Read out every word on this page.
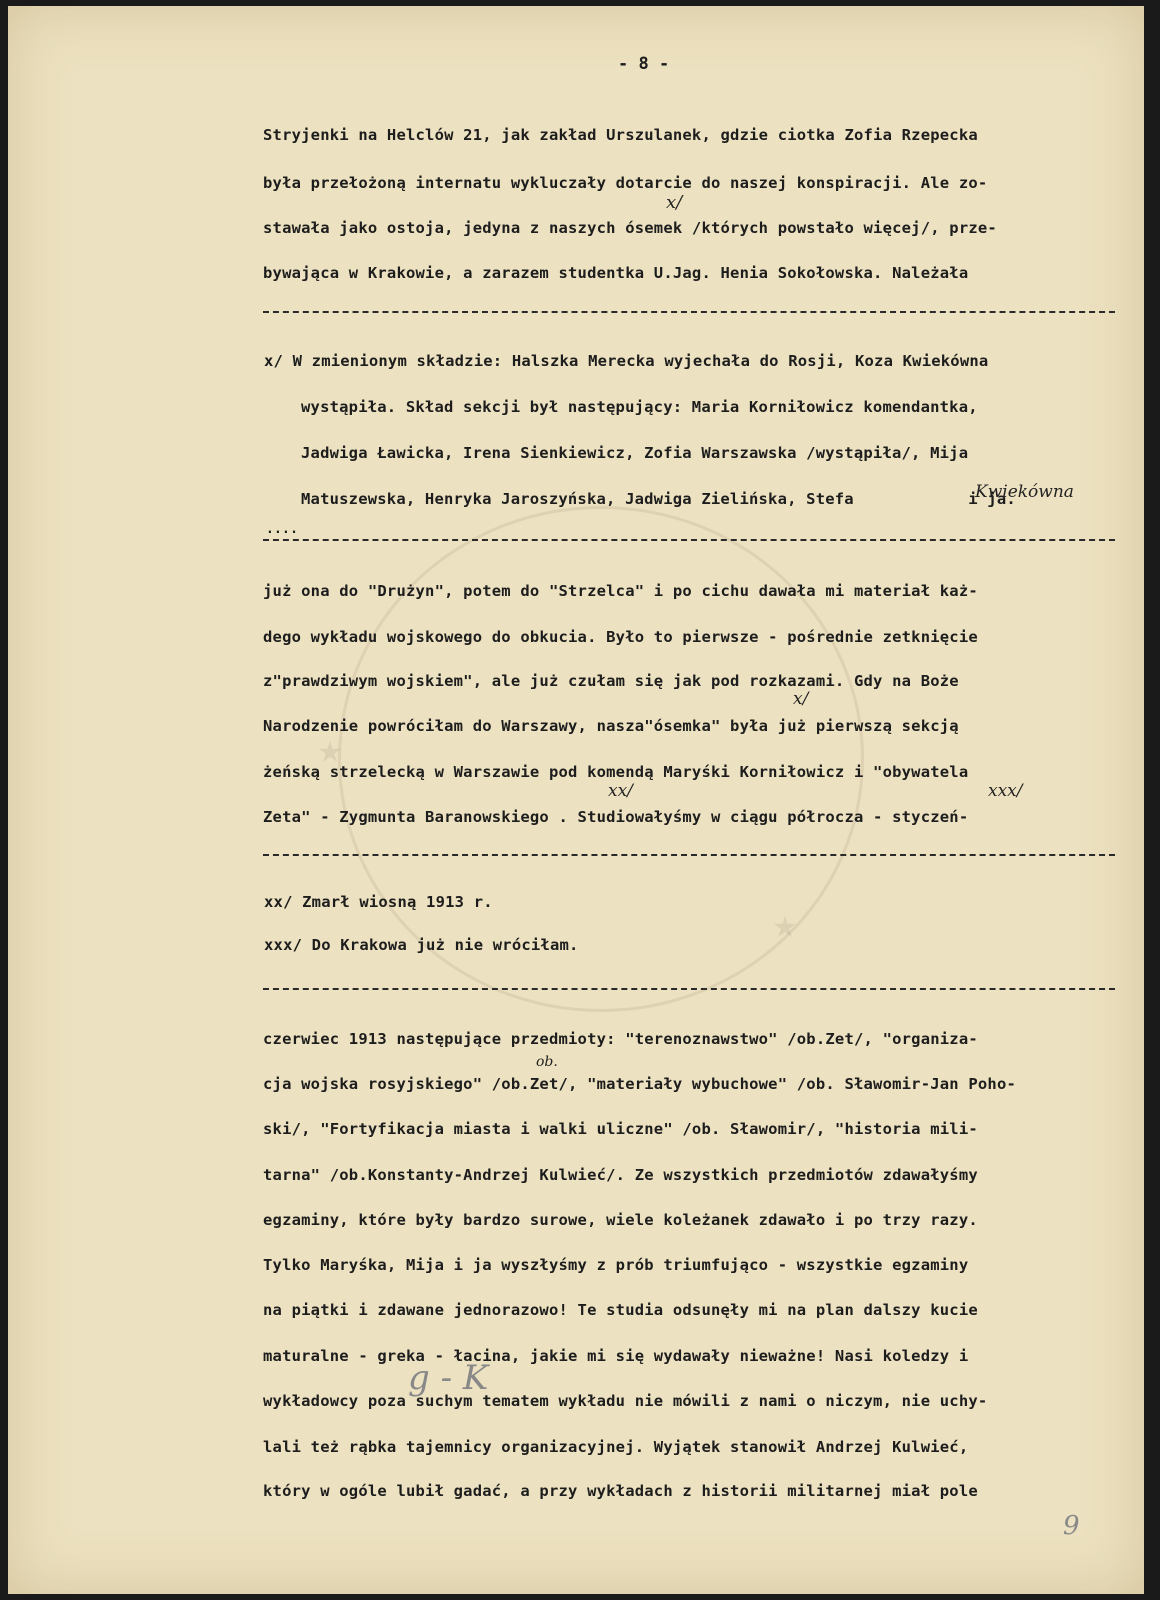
★
★
- 8 -
Stryjenki na Helclów 21, jak zakład Urszulanek, gdzie ciotka Zofia Rzepecka
była przełożoną internatu wykluczały dotarcie do naszej konspiracji. Ale zo-
stawała jako ostoja, jedyna z naszych ósemek /których powstało więcej/, prze-
bywająca w Krakowie, a zarazem studentka U.Jag. Henia Sokołowska. Należała
x/
x/ W zmienionym składzie: Halszka Merecka wyjechała do Rosji, Koza Kwiekówna
wystąpiła. Skład sekcji był następujący: Maria Korniłowicz komendantka,
Jadwiga Ławicka, Irena Sienkiewicz, Zofia Warszawska /wystąpiła/, Mija
Matuszewska, Henryka Jaroszyńska, Jadwiga Zielińska, Stefa            i ja.
Kwiekówna
....
już ona do "Drużyn", potem do "Strzelca" i po cichu dawała mi materiał każ-
dego wykładu wojskowego do obkucia. Było to pierwsze - pośrednie zetknięcie
z"prawdziwym wojskiem", ale już czułam się jak pod rozkazami. Gdy na Boże
Narodzenie powróciłam do Warszawy, nasza"ósemka" była już pierwszą sekcją
żeńską strzelecką w Warszawie pod komendą Maryśki Korniłowicz i "obywatela
Zeta" - Zygmunta Baranowskiego . Studiowałyśmy w ciągu półrocza - styczeń-
x/
xx/	xxx/
xx/ Zmarł wiosną 1913 r.
xxx/ Do Krakowa już nie wróciłam.
czerwiec 1913 następujące przedmioty: "terenoznawstwo" /ob.Zet/, "organiza-
cja wojska rosyjskiego" /ob.Zet/, "materiały wybuchowe" /ob. Sławomir-Jan Poho-
ski/, "Fortyfikacja miasta i walki uliczne" /ob. Sławomir/, "historia mili-
tarna" /ob.Konstanty-Andrzej Kulwieć/. Ze wszystkich przedmiotów zdawałyśmy
egzaminy, które były bardzo surowe, wiele koleżanek zdawało i po trzy razy.
Tylko Maryśka, Mija i ja wyszłyśmy z prób triumfująco - wszystkie egzaminy
na piątki i zdawane jednorazowo! Te studia odsunęły mi na plan dalszy kucie
maturalne - greka - łacina, jakie mi się wydawały nieważne! Nasi koledzy i
wykładowcy poza suchym tematem wykładu nie mówili z nami o niczym, nie uchy-
lali też rąbka tajemnicy organizacyjnej. Wyjątek stanowił Andrzej Kulwieć,
który w ogóle lubił gadać, a przy wykładach z historii militarnej miał pole
ob.
g - K
9
